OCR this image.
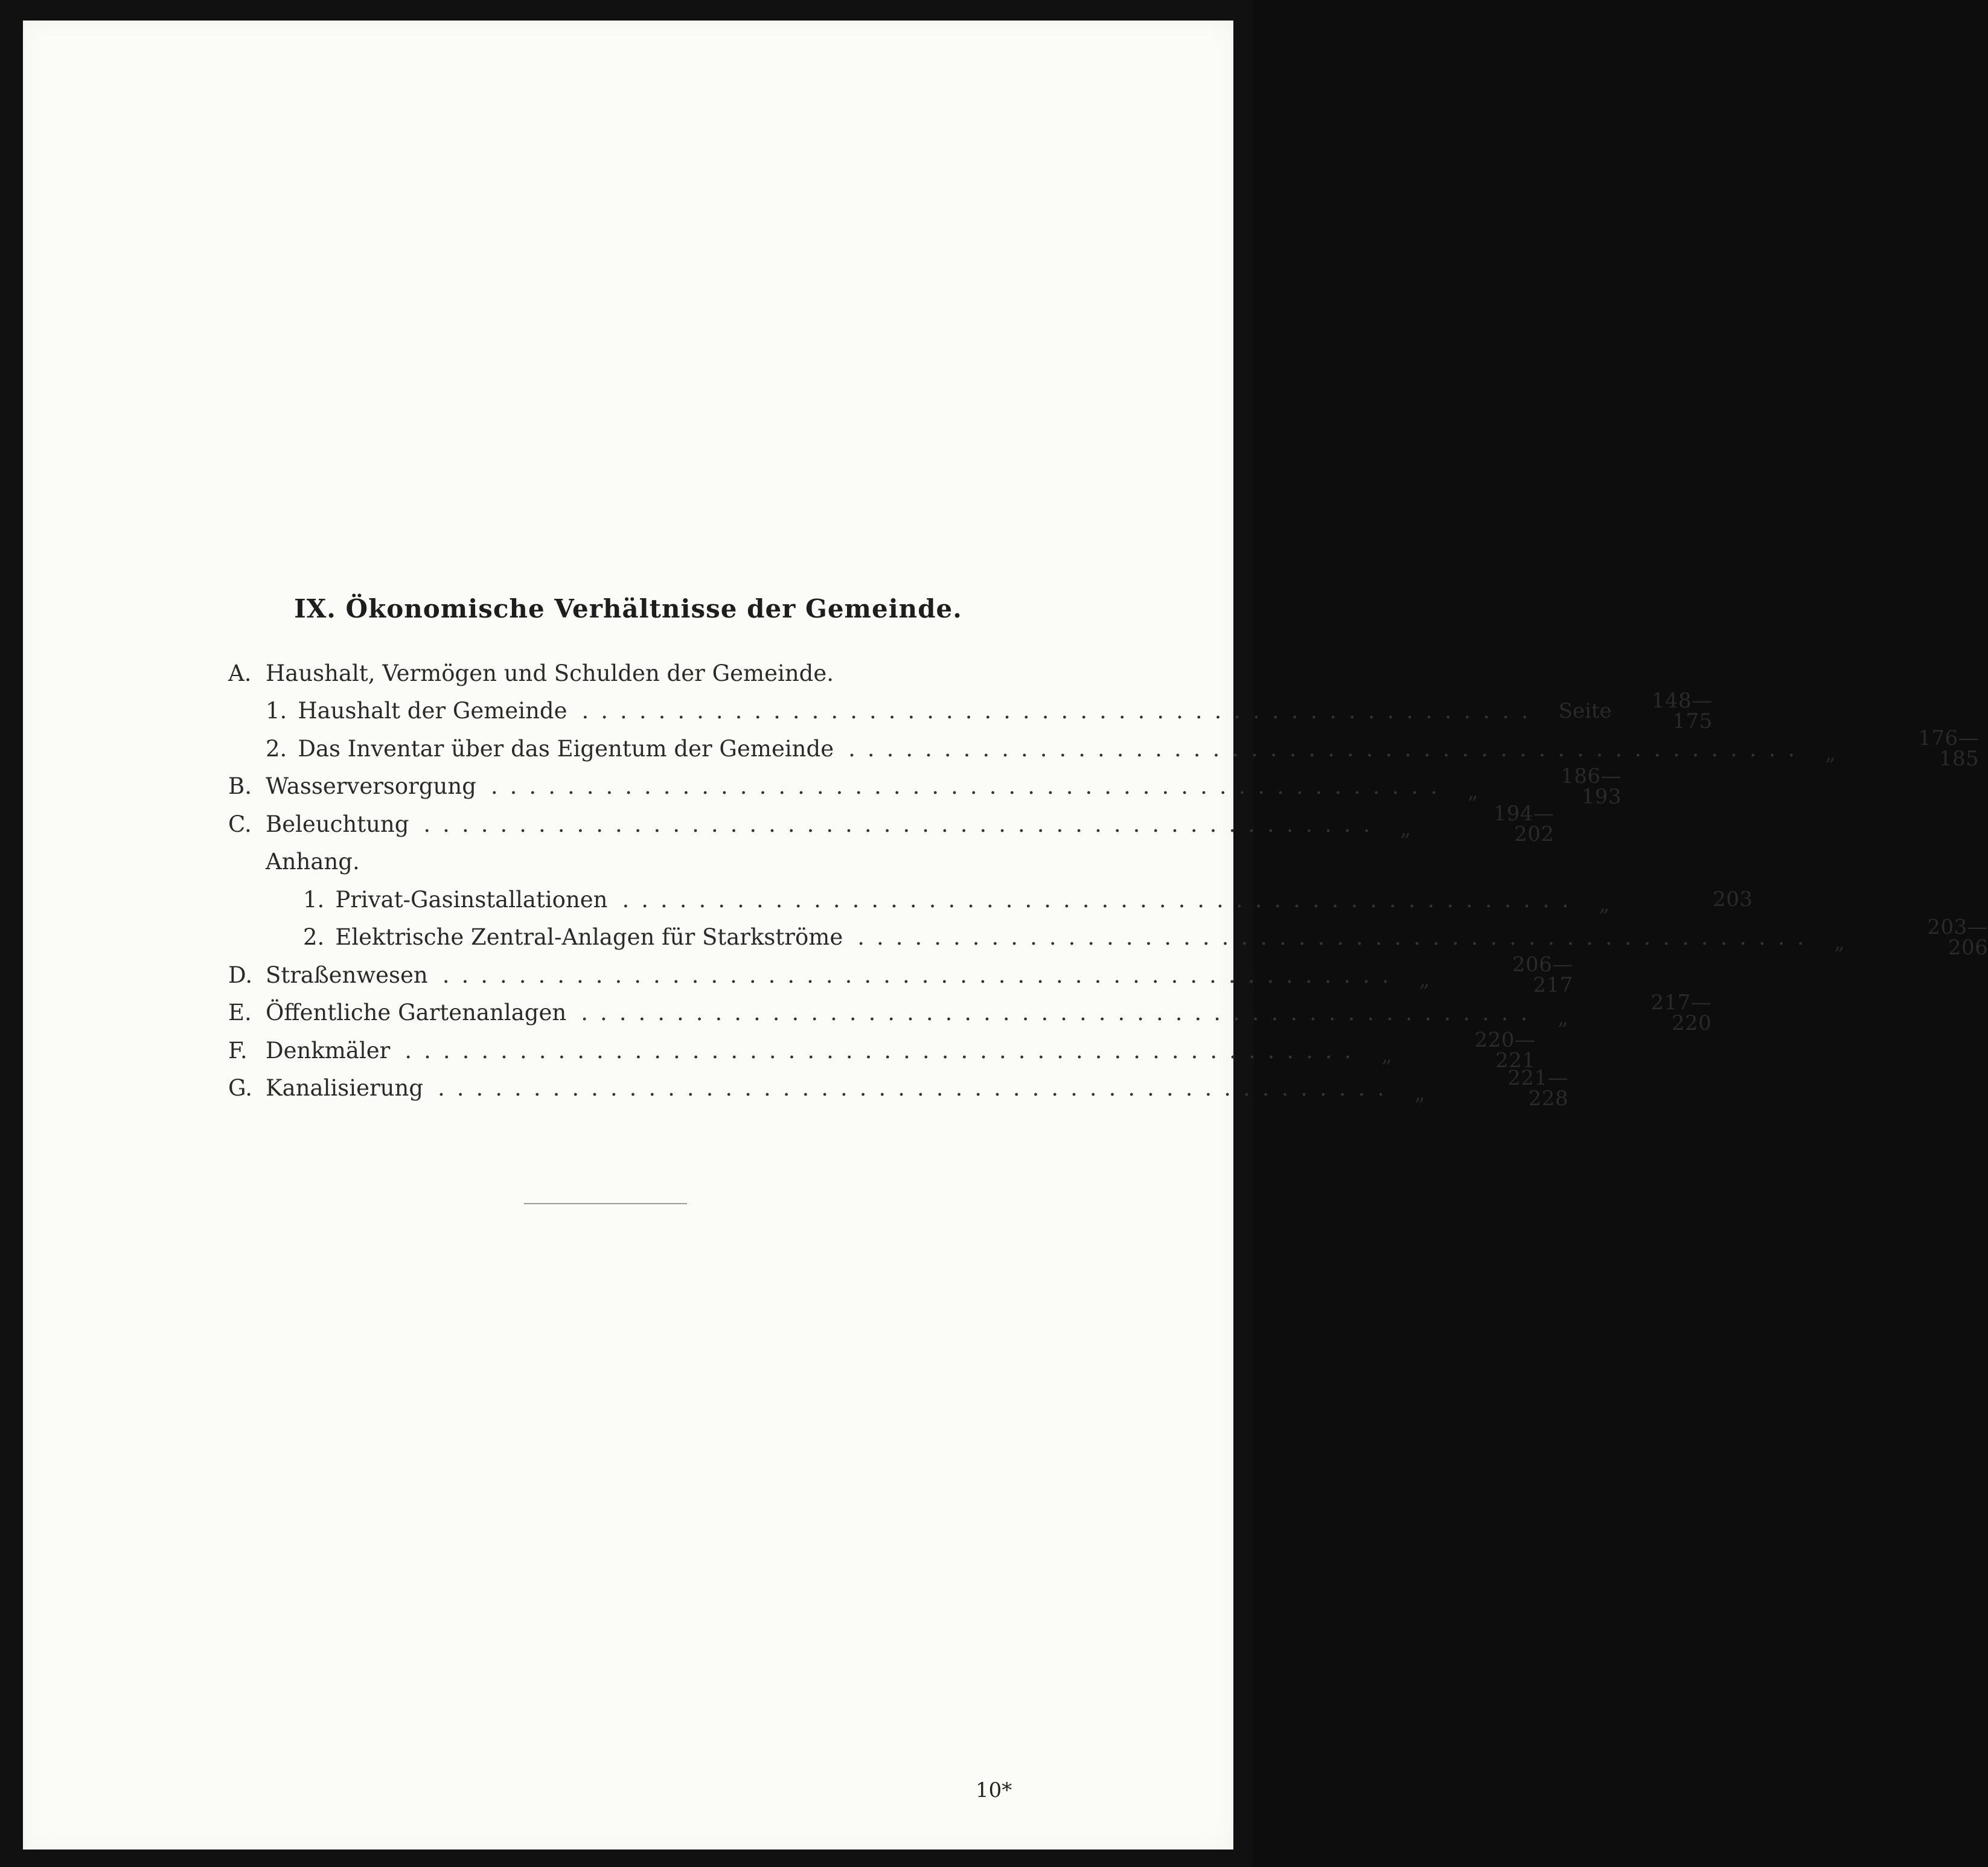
IX. Ökonomische Verhältnisse der Gemeinde.
A. Haushalt, Vermögen und Schulden der Gemeinde.
1. Haushalt der Gemeinde .................................................. Seite	148—175
2. Das Inventar über das Eigentum der Gemeinde .................................................. „
176—185
B. Wasserversorgung .................................................. „
186—193
C. Beleuchtung .................................................. „
194—202
Anhang.
1. Privat-Gasinstallationen .................................................. „	203
2. Elektrische Zentral-Anlagen für Starkströme .................................................. „
203—206
D. Straßenwesen .................................................. „
206—217
E. Öffentliche Gartenanlagen .................................................. „
217—220
F. Denkmäler .................................................. „
220—221
G. Kanalisierung .................................................. „
221—228
10*
